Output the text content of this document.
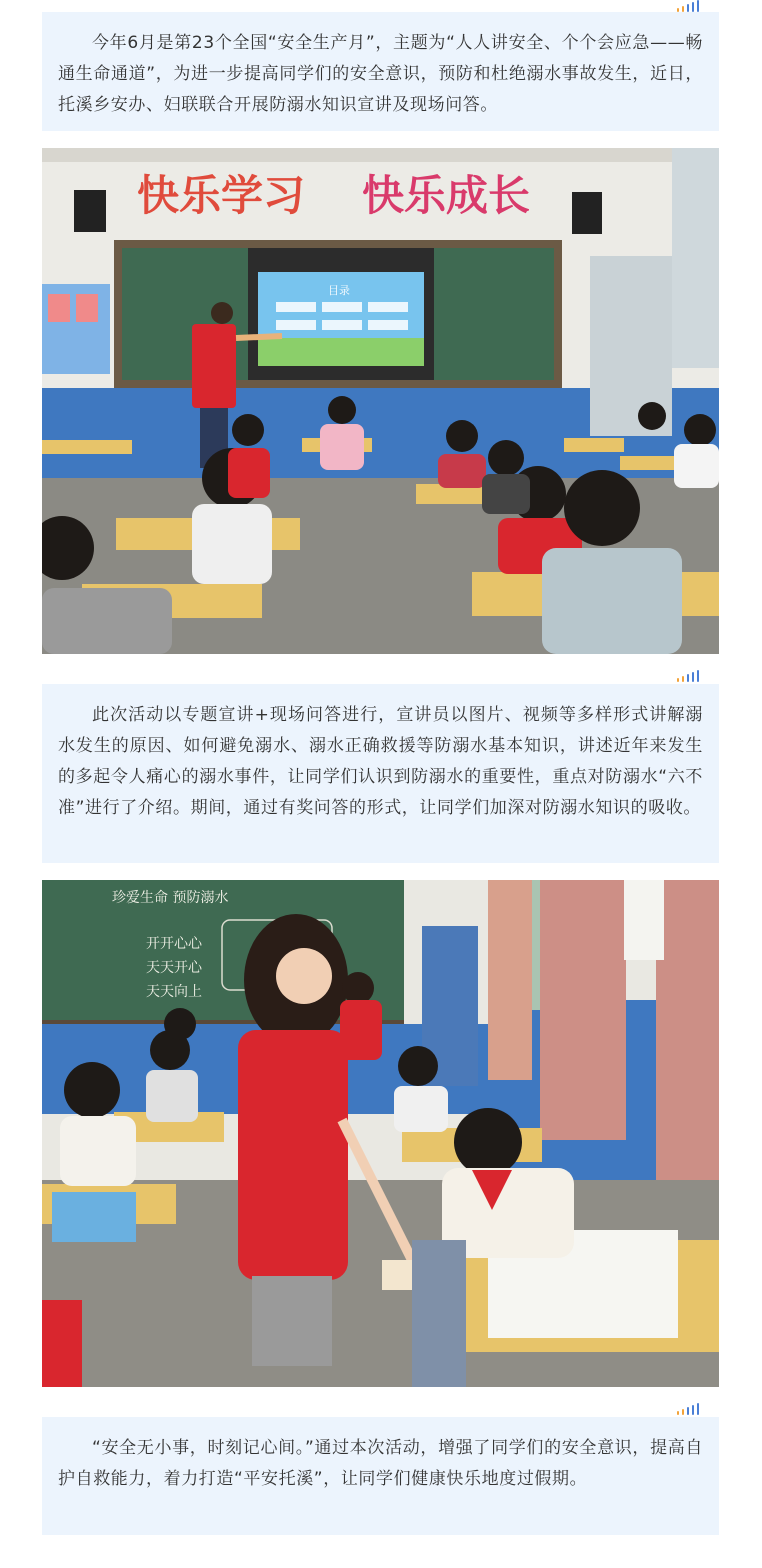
今年6月是第23个全国“安全生产月”，主题为“人人讲安全、个个会应急——畅通生命通道”，为进一步提高同学们的安全意识，预防和杜绝溺水事故发生，近日，托溪乡安办、妇联联合开展防溺水知识宣讲及现场问答。

快乐学习 快乐成长
目录

此次活动以专题宣讲+现场问答进行，宣讲员以图片、视频等多样形式讲解溺水发生的原因、如何避免溺水、溺水正确救援等防溺水基本知识，讲述近年来发生的多起令人痛心的溺水事件，让同学们认识到防溺水的重要性，重点对防溺水“六不准”进行了介绍。期间，通过有奖问答的形式，让同学们加深对防溺水知识的吸收。

珍爱生命 预防溺水
开开心心
天天开心
天天向上

“安全无小事，时刻记心间。”通过本次活动，增强了同学们的安全意识，提高自护自救能力，着力打造“平安托溪”，让同学们健康快乐地度过假期。
